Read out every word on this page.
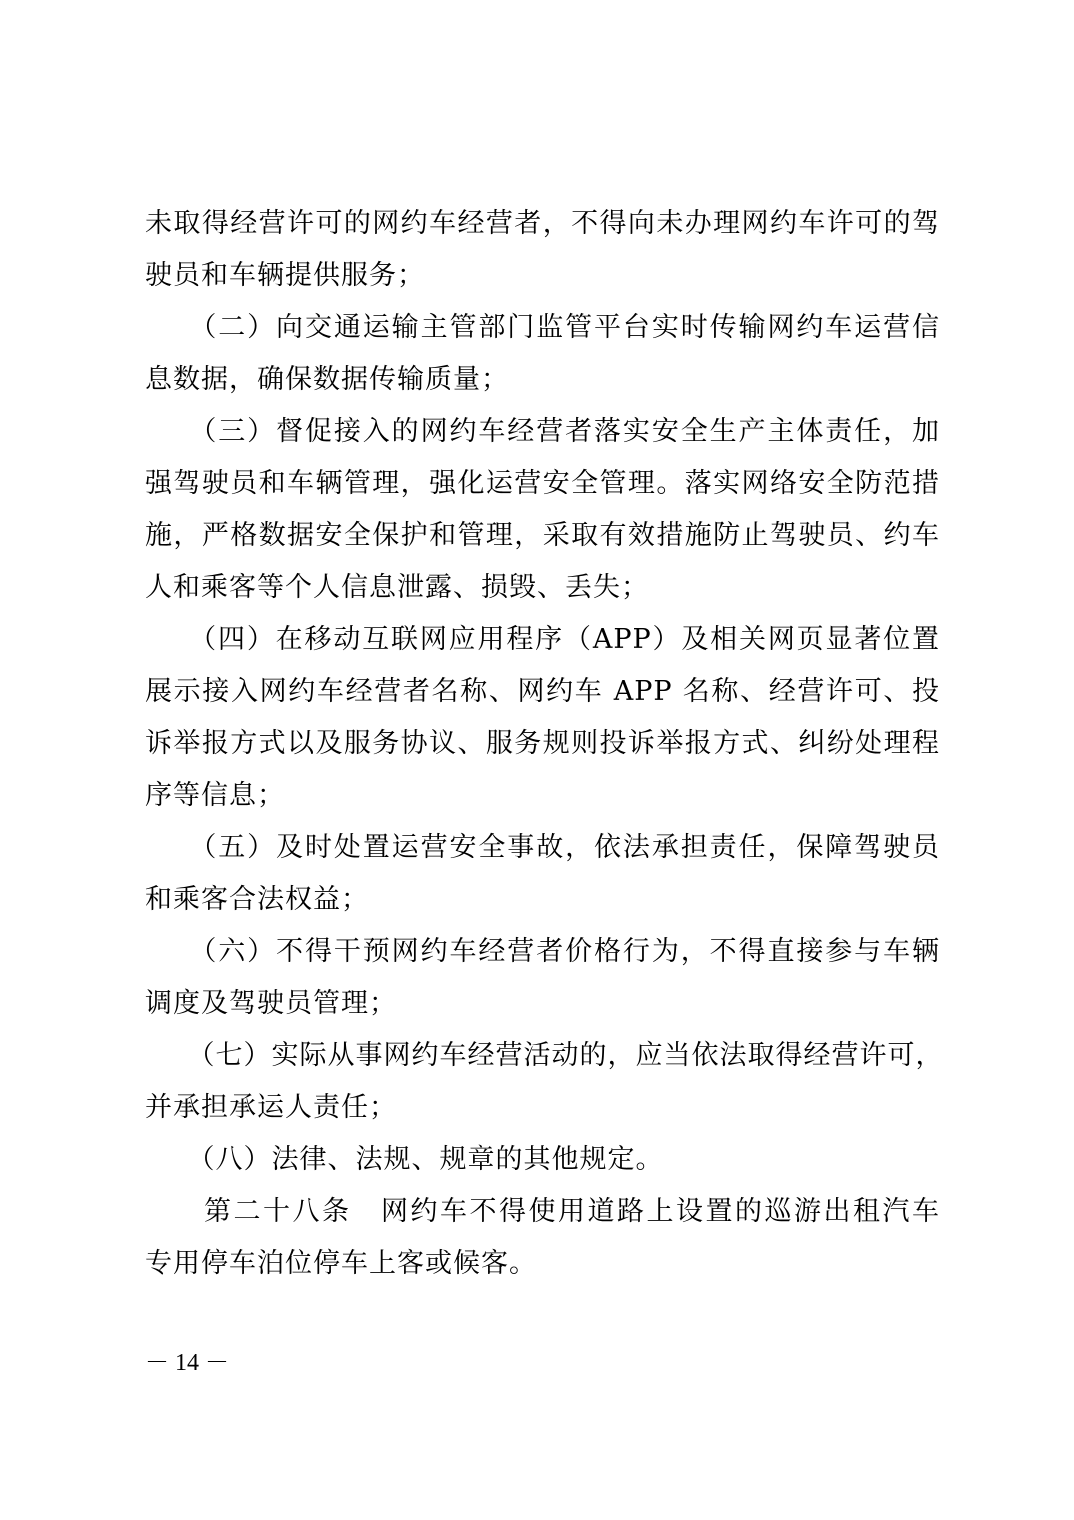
未取得经营许可的网约车经营者，不得向未办理网约车许可的驾
驶员和车辆提供服务；
　　（二）向交通运输主管部门监管平台实时传输网约车运营信
息数据，确保数据传输质量；
　　（三）督促接入的网约车经营者落实安全生产主体责任，加
强驾驶员和车辆管理，强化运营安全管理。落实网络安全防范措
施，严格数据安全保护和管理，采取有效措施防止驾驶员、约车
人和乘客等个人信息泄露、损毁、丢失；
　　（四）在移动互联网应用程序（APP）及相关网页显著位置
展示接入网约车经营者名称、网约车 APP 名称、经营许可、投
诉举报方式以及服务协议、服务规则投诉举报方式、纠纷处理程
序等信息；
　　（五）及时处置运营安全事故，依法承担责任，保障驾驶员
和乘客合法权益；
　　（六）不得干预网约车经营者价格行为，不得直接参与车辆
调度及驾驶员管理；
　　（七）实际从事网约车经营活动的，应当依法取得经营许可，
并承担承运人责任；
　　（八）法律、法规、规章的其他规定。
　　第二十八条　网约车不得使用道路上设置的巡游出租汽车
专用停车泊位停车上客或候客。
－ 14 －
